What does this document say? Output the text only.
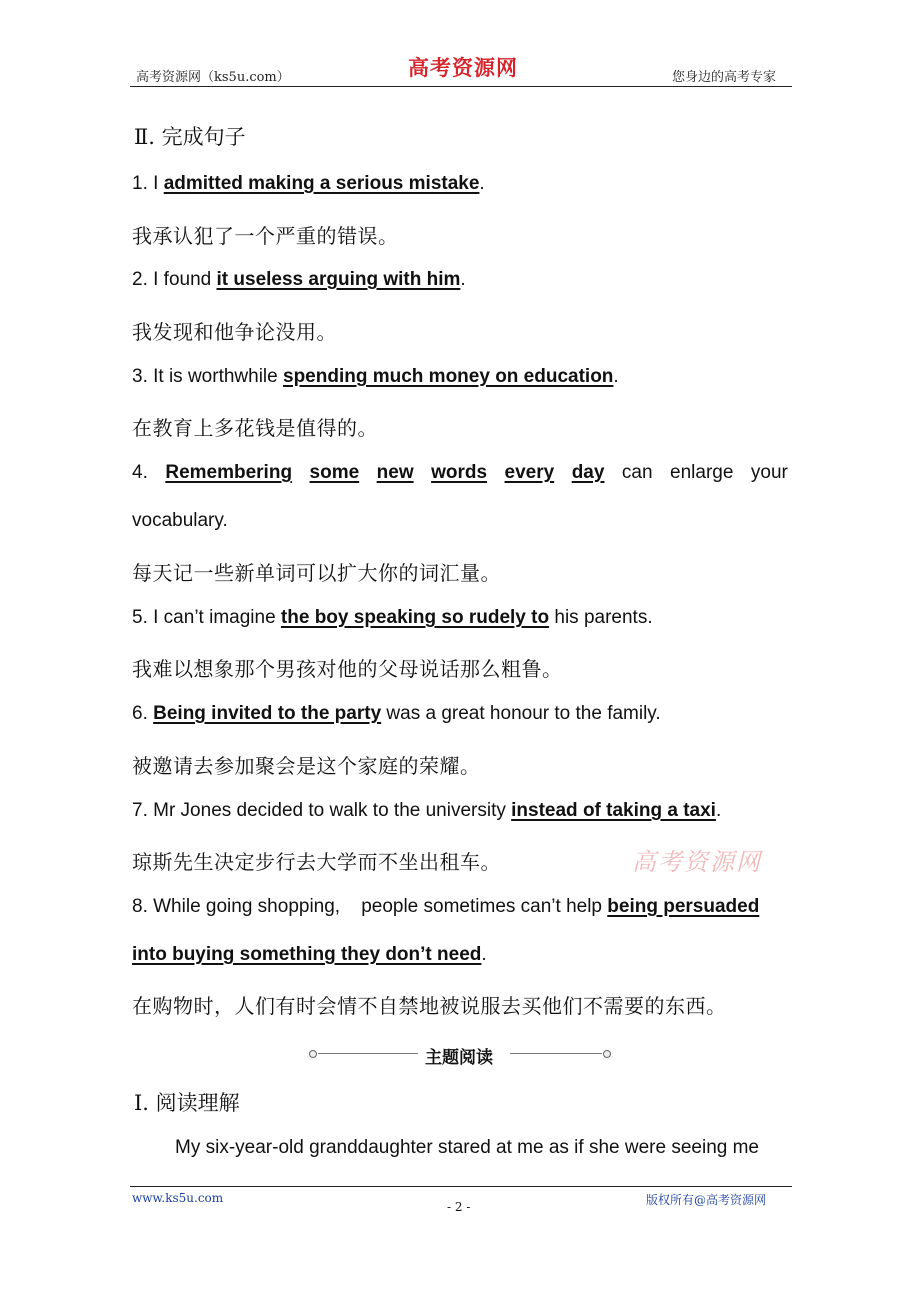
高考资源网（ks5u.com）	高考资源网	您身边的高考专家
Ⅱ. 完成句子
1. I admitted making a serious mistake.
我承认犯了一个严重的错误。
2. I found it useless arguing with him.
我发现和他争论没用。
3. It is worthwhile spending much money on education.
在教育上多花钱是值得的。
4. Remembering some new words every day can enlarge your
vocabulary.
每天记一些新单词可以扩大你的词汇量。
5. I can’t imagine the boy speaking so rudely to his parents.
我难以想象那个男孩对他的父母说话那么粗鲁。
6. Being invited to the party was a great honour to the family.
被邀请去参加聚会是这个家庭的荣耀。
7. Mr Jones decided to walk to the university instead of taking a taxi.
琼斯先生决定步行去大学而不坐出租车。	高考资源网
8. While going shopping,    people sometimes can’t help being persuaded
into buying something they don’t need.
在购物时，人们有时会情不自禁地被说服去买他们不需要的东西。
主题阅读
Ⅰ. 阅读理解
My six-year-old granddaughter stared at me as if she were seeing me
www.ks5u.com
- 2 -	版权所有@高考资源网
